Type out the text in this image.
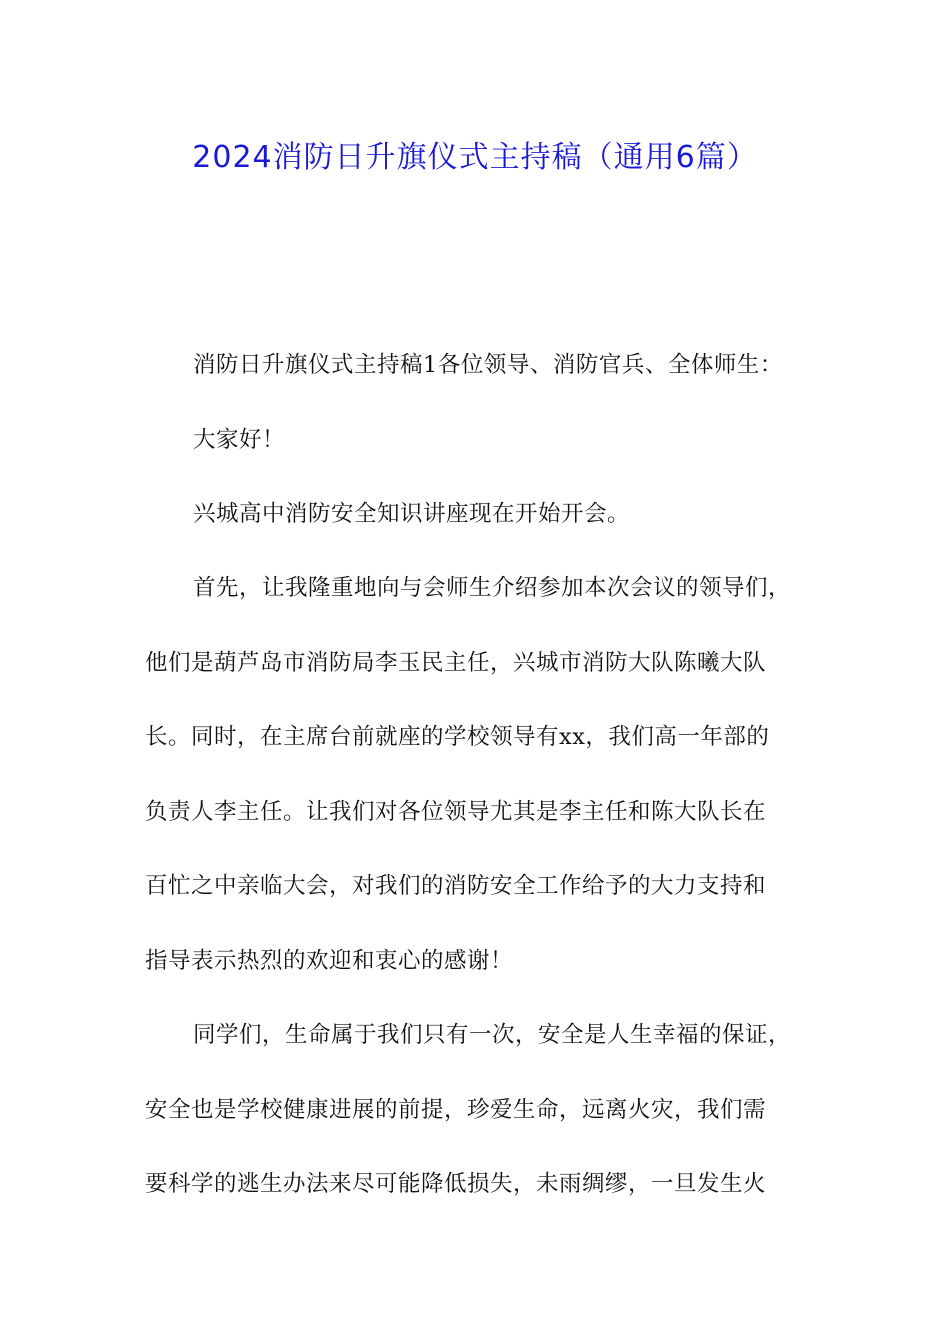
2024消防日升旗仪式主持稿（通用6篇）
消防日升旗仪式主持稿1各位领导、消防官兵、全体师生：
大家好！
兴城高中消防安全知识讲座现在开始开会。
首先，让我隆重地向与会师生介绍参加本次会议的领导们，
他们是葫芦岛市消防局李玉民主任，兴城市消防大队陈曦大队
长。同时，在主席台前就座的学校领导有xx，我们高一年部的
负责人李主任。让我们对各位领导尤其是李主任和陈大队长在
百忙之中亲临大会，对我们的消防安全工作给予的大力支持和
指导表示热烈的欢迎和衷心的感谢！
同学们，生命属于我们只有一次，安全是人生幸福的保证，
安全也是学校健康进展的前提，珍爱生命，远离火灾，我们需
要科学的逃生办法来尽可能降低损失，未雨绸缪，一旦发生火
